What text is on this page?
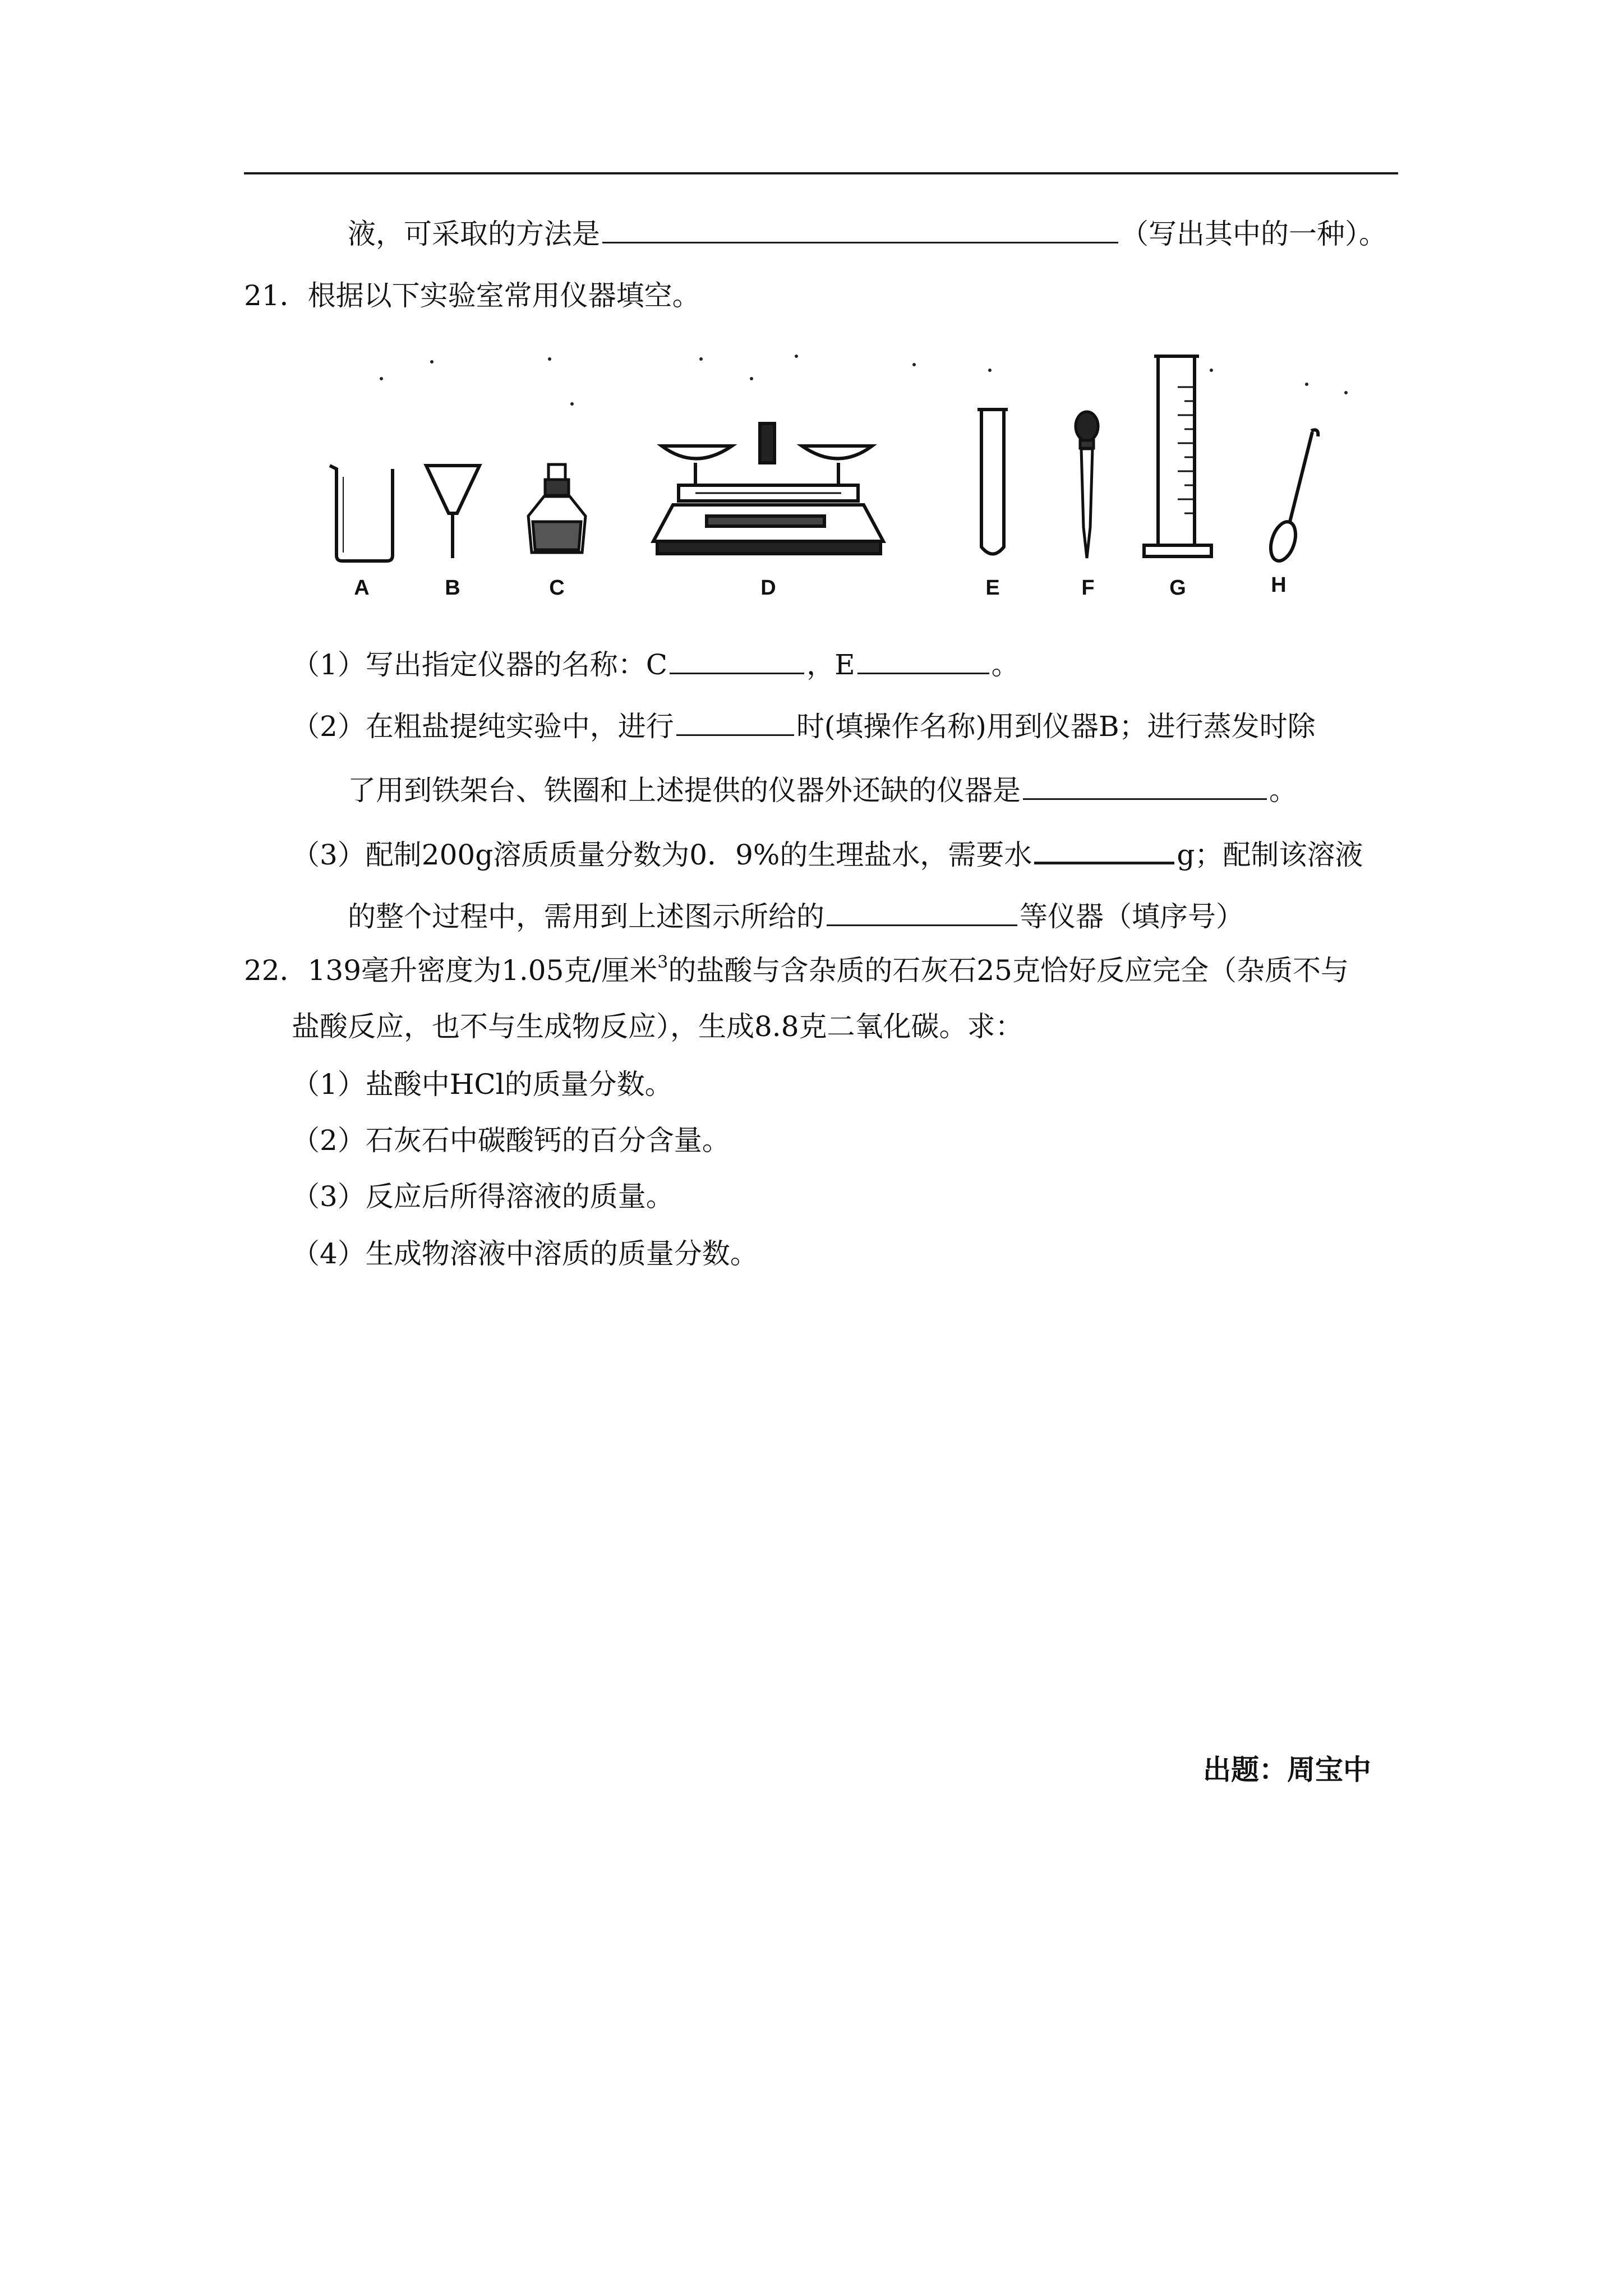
液，可采取的方法是	（写出其中的一种）。
21．根据以下实验室常用仪器填空。
A	B	C	D	E	F	G	H
（1）写出指定仪器的名称：C	，E	。
（2）在粗盐提纯实验中，进行	时(填操作名称)用到仪器B；进行蒸发时除
了用到铁架台、铁圈和上述提供的仪器外还缺的仪器是	。
（3）配制200g溶质质量分数为0．9%的生理盐水，需要水	g；配制该溶液
的整个过程中，需用到上述图示所给的	等仪器（填序号）
22．139毫升密度为1.05克/厘米$^3$的盐酸与含杂质的石灰石25克恰好反应完全（杂质不与
盐酸反应，也不与生成物反应），生成8.8克二氧化碳。求：
（1）盐酸中HCl的质量分数。
（2）石灰石中碳酸钙的百分含量。
（3）反应后所得溶液的质量。
（4）生成物溶液中溶质的质量分数。
出题：周宝中
